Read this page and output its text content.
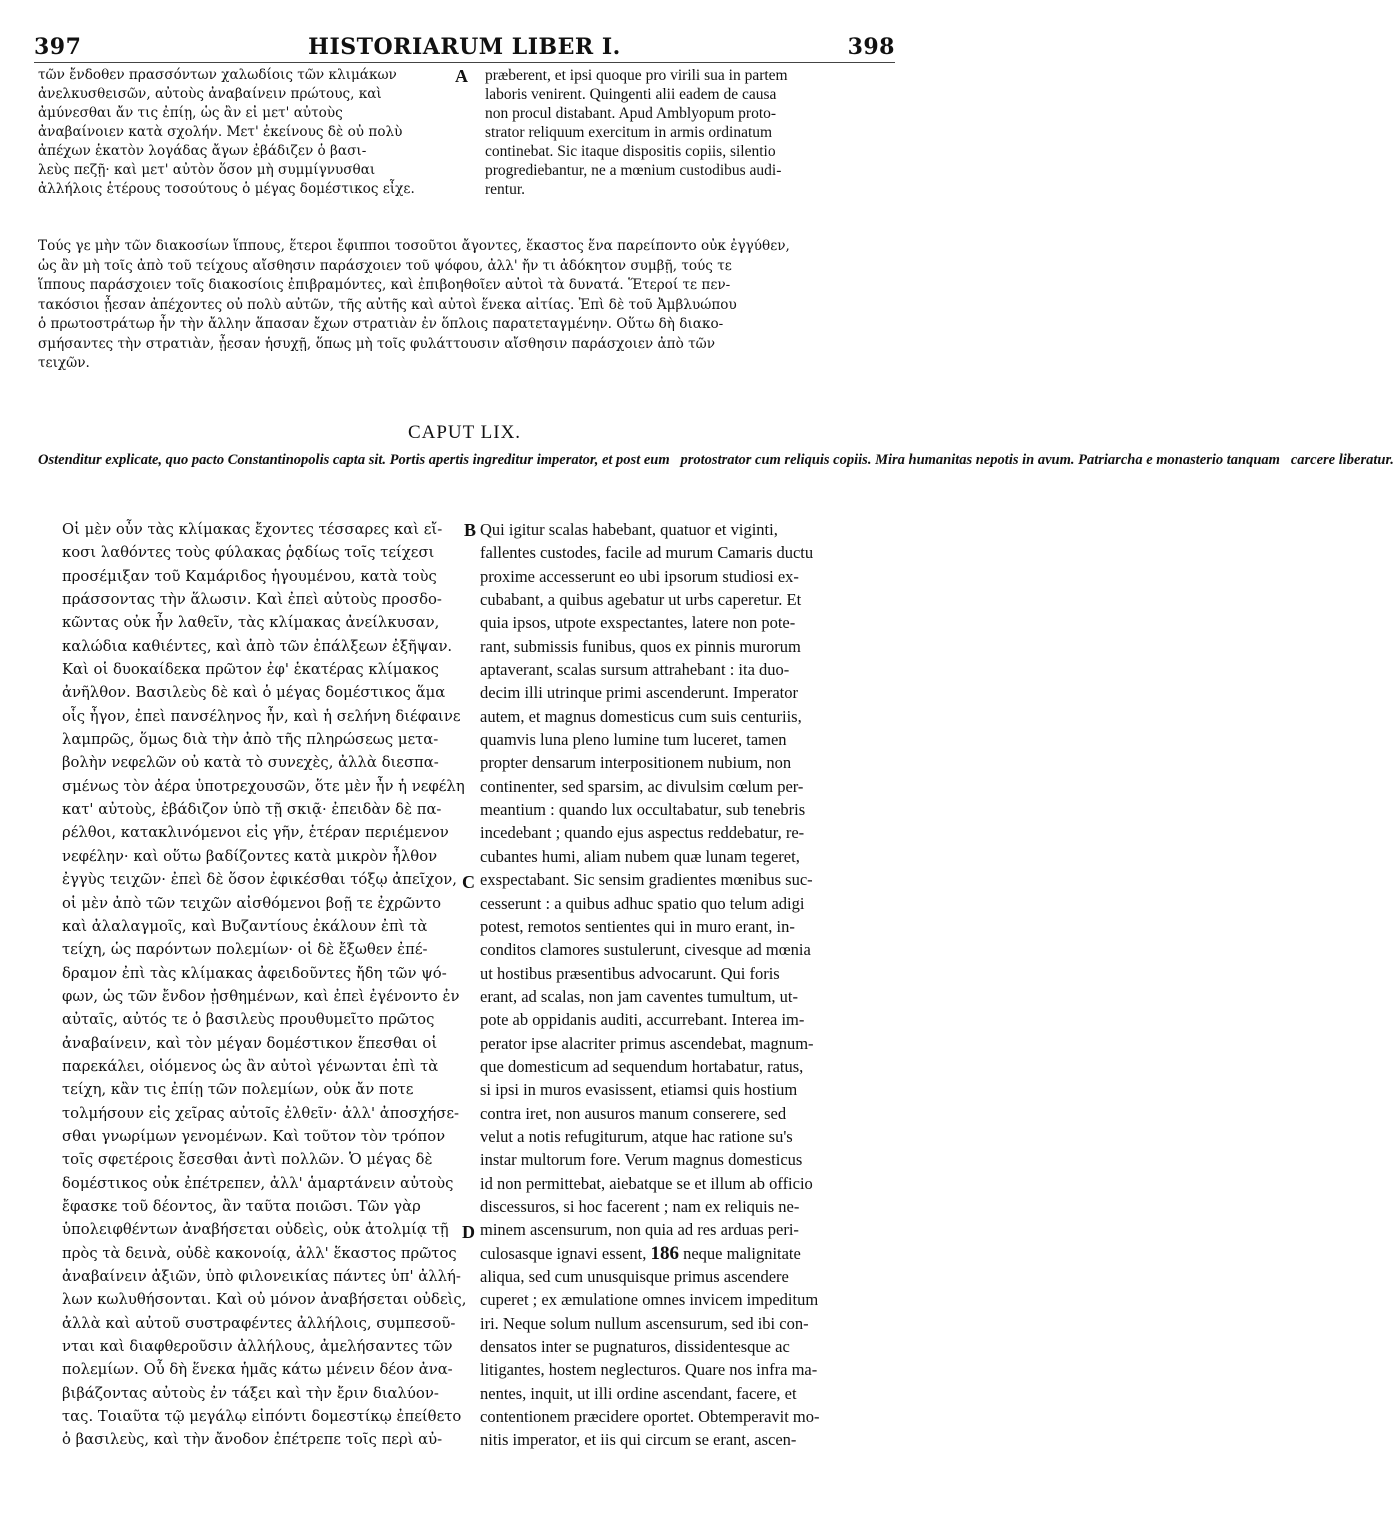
397	HISTORIARUM LIBER I.	398
τῶν ἔνδοθεν πρασσόντων χαλωδίοις τῶν κλιμάκων
ἀνελκυσθεισῶν, αὐτοὺς ἀναβαίνειν πρώτους, καὶ
ἀμύνεσθαι ἄν τις ἐπίῃ, ὡς ἂν εἰ μετ' αὐτοὺς
ἀναβαίνοιεν κατὰ σχολήν. Μετ' ἐκείνους δὲ οὐ πολὺ
ἀπέχων ἑκατὸν λογάδας ἄγων ἐβάδιζεν ὁ βασι-
λεὺς πεζῇ· καὶ μετ' αὐτὸν ὅσον μὴ συμμίγνυσθαι
ἀλλήλοις ἑτέρους τοσούτους ὁ μέγας δομέστικος εἶχε.
A præberent, et ipsi quoque pro virili sua in partem
laboris venirent. Quingenti alii eadem de causa
non procul distabant. Apud Amblyopum proto-
strator reliquum exercitum in armis ordinatum
continebat. Sic itaque dispositis copiis, silentio
progrediebantur, ne a mœnium custodibus audi-
rentur.
Τούς γε μὴν τῶν διακοσίων ἵππους, ἕτεροι ἔφιπποι τοσοῦτοι ἄγοντες, ἕκαστος ἕνα παρείποντο οὐκ ἐγγύθεν,
ὡς ἂν μὴ τοῖς ἀπὸ τοῦ τείχους αἴσθησιν παράσχοιεν τοῦ ψόφου, ἀλλ' ἤν τι ἀδόκητον συμβῇ, τούς τε
ἵππους παράσχοιεν τοῖς διακοσίοις ἐπιβραμόντες, καὶ ἐπιβοηθοῖεν αὐτοὶ τὰ δυνατά. Ἕτεροί τε πεν-
τακόσιοι ᾖεσαν ἀπέχοντες οὐ πολὺ αὐτῶν, τῆς αὐτῆς καὶ αὐτοὶ ἕνεκα αἰτίας. Ἐπὶ δὲ τοῦ Ἀμβλυώπου
ὁ πρωτοστράτωρ ἦν τὴν ἄλλην ἅπασαν ἔχων στρατιὰν ἐν ὅπλοις παρατεταγμένην. Οὕτω δὴ διακο-
σμήσαντες τὴν στρατιὰν, ᾖεσαν ἡσυχῇ, ὅπως μὴ τοῖς φυλάττουσιν αἴσθησιν παράσχοιεν ἀπὸ τῶν
τειχῶν.
CAPUT LIX.
Ostenditur explicate, quo pacto Constantinopolis capta sit. Portis apertis ingreditur imperator, et post eum   protostrator cum reliquis copiis. Mira humanitas nepotis in avum. Patriarcha e monasterio tanquam   carcere liberatur.
Οἱ μὲν οὖν τὰς κλίμακας ἔχοντες τέσσαρες καὶ εἴ-
κοσι λαθόντες τοὺς φύλακας ῥᾳδίως τοῖς τείχεσι
προσέμιξαν τοῦ Καμάριδος ἡγουμένου, κατὰ τοὺς
πράσσοντας τὴν ἅλωσιν. Καὶ ἐπεὶ αὐτοὺς προσδο-
κῶντας οὐκ ἦν λαθεῖν, τὰς κλίμακας ἀνείλκυσαν,
καλώδια καθιέντες, καὶ ἀπὸ τῶν ἐπάλξεων ἐξῆψαν.
Καὶ οἱ δυοκαίδεκα πρῶτον ἐφ' ἑκατέρας κλίμακος
ἀνῆλθον. Βασιλεὺς δὲ καὶ ὁ μέγας δομέστικος ἅμα
οἷς ἦγον, ἐπεὶ πανσέληνος ἦν, καὶ ἡ σελήνη διέφαινε
λαμπρῶς, ὅμως διὰ τὴν ἀπὸ τῆς πληρώσεως μετα-
βολὴν νεφελῶν οὐ κατὰ τὸ συνεχὲς, ἀλλὰ διεσπα-
σμένως τὸν ἀέρα ὑποτρεχουσῶν, ὅτε μὲν ἦν ἡ νεφέλη
κατ' αὐτοὺς, ἐβάδιζον ὑπὸ τῇ σκιᾷ· ἐπειδὰν δὲ πα-
ρέλθοι, κατακλινόμενοι εἰς γῆν, ἑτέραν περιέμενον
νεφέλην· καὶ οὕτω βαδίζοντες κατὰ μικρὸν ἦλθον
ἐγγὺς τειχῶν· ἐπεὶ δὲ ὅσον ἐφικέσθαι τόξῳ ἀπεῖχον,
οἱ μὲν ἀπὸ τῶν τειχῶν αἰσθόμενοι βοῇ τε ἐχρῶντο
καὶ ἀλαλαγμοῖς, καὶ Βυζαντίους ἐκάλουν ἐπὶ τὰ
τείχη, ὡς παρόντων πολεμίων· οἱ δὲ ἔξωθεν ἐπέ-
δραμον ἐπὶ τὰς κλίμακας ἀφειδοῦντες ἤδη τῶν ψό-
φων, ὡς τῶν ἔνδον ᾐσθημένων, καὶ ἐπεὶ ἐγένοντο ἐν
αὐταῖς, αὐτός τε ὁ βασιλεὺς προυθυμεῖτο πρῶτος
ἀναβαίνειν, καὶ τὸν μέγαν δομέστικον ἕπεσθαι οἱ
παρεκάλει, οἰόμενος ὡς ἂν αὐτοὶ γένωνται ἐπὶ τὰ
τείχη, κἂν τις ἐπίῃ τῶν πολεμίων, οὐκ ἄν ποτε
τολμήσουν εἰς χεῖρας αὐτοῖς ἐλθεῖν· ἀλλ' ἀποσχήσε-
σθαι γνωρίμων γενομένων. Καὶ τοῦτον τὸν τρόπον
τοῖς σφετέροις ἔσεσθαι ἀντὶ πολλῶν. Ὁ μέγας δὲ
δομέστικος οὐκ ἐπέτρεπεν, ἀλλ' ἁμαρτάνειν αὐτοὺς
ἔφασκε τοῦ δέοντος, ἂν ταῦτα ποιῶσι. Τῶν γὰρ
ὑπολειφθέντων ἀναβήσεται οὐδεὶς, οὐκ ἀτολμίᾳ τῇ
πρὸς τὰ δεινὰ, οὐδὲ κακονοίᾳ, ἀλλ' ἕκαστος πρῶτος
ἀναβαίνειν ἀξιῶν, ὑπὸ φιλονεικίας πάντες ὑπ' ἀλλή-
λων κωλυθήσονται. Καὶ οὐ μόνον ἀναβήσεται οὐδεὶς,
ἀλλὰ καὶ αὐτοῦ συστραφέντες ἀλλήλοις, συμπεσοῦ-
νται καὶ διαφθεροῦσιν ἀλλήλους, ἀμελήσαντες τῶν
πολεμίων. Οὗ δὴ ἕνεκα ἡμᾶς κάτω μένειν δέον ἀνα-
βιβάζοντας αὐτοὺς ἐν τάξει καὶ τὴν ἔριν διαλύον-
τας. Τοιαῦτα τῷ μεγάλῳ εἰπόντι δομεστίκῳ ἐπείθετο
ὁ βασιλεὺς, καὶ τὴν ἄνοδον ἐπέτρεπε τοῖς περὶ αὐ-
B
C
D
Qui igitur scalas habebant, quatuor et viginti,
fallentes custodes, facile ad murum Camaris ductu
proxime accesserunt eo ubi ipsorum studiosi ex-
cubabant, a quibus agebatur ut urbs caperetur. Et
quia ipsos, utpote exspectantes, latere non pote-
rant, submissis funibus, quos ex pinnis murorum
aptaverant, scalas sursum attrahebant : ita duo-
decim illi utrinque primi ascenderunt. Imperator
autem, et magnus domesticus cum suis centuriis,
quamvis luna pleno lumine tum luceret, tamen
propter densarum interpositionem nubium, non
continenter, sed sparsim, ac divulsim cœlum per-
meantium : quando lux occultabatur, sub tenebris
incedebant ; quando ejus aspectus reddebatur, re-
cubantes humi, aliam nubem quæ lunam tegeret,
exspectabant. Sic sensim gradientes mœnibus suc-
cesserunt : a quibus adhuc spatio quo telum adigi
potest, remotos sentientes qui in muro erant, in-
conditos clamores sustulerunt, civesque ad mœnia
ut hostibus præsentibus advocarunt. Qui foris
erant, ad scalas, non jam caventes tumultum, ut-
pote ab oppidanis auditi, accurrebant. Interea im-
perator ipse alacriter primus ascendebat, magnum-
que domesticum ad sequendum hortabatur, ratus,
si ipsi in muros evasissent, etiamsi quis hostium
contra iret, non ausuros manum conserere, sed
velut a notis refugiturum, atque hac ratione su's
instar multorum fore. Verum magnus domesticus
id non permittebat, aiebatque se et illum ab officio
discessuros, si hoc facerent ; nam ex reliquis ne-
minem ascensurum, non quia ad res arduas peri-
culosasque ignavi essent, 186 neque malignitate
aliqua, sed cum unusquisque primus ascendere
cuperet ; ex æmulatione omnes invicem impeditum
iri. Neque solum nullum ascensurum, sed ibi con-
densatos inter se pugnaturos, dissidentesque ac
litigantes, hostem neglecturos. Quare nos infra ma-
nentes, inquit, ut illi ordine ascendant, facere, et
contentionem præcidere oportet. Obtemperavit mo-
nitis imperator, et iis qui circum se erant, ascen-
